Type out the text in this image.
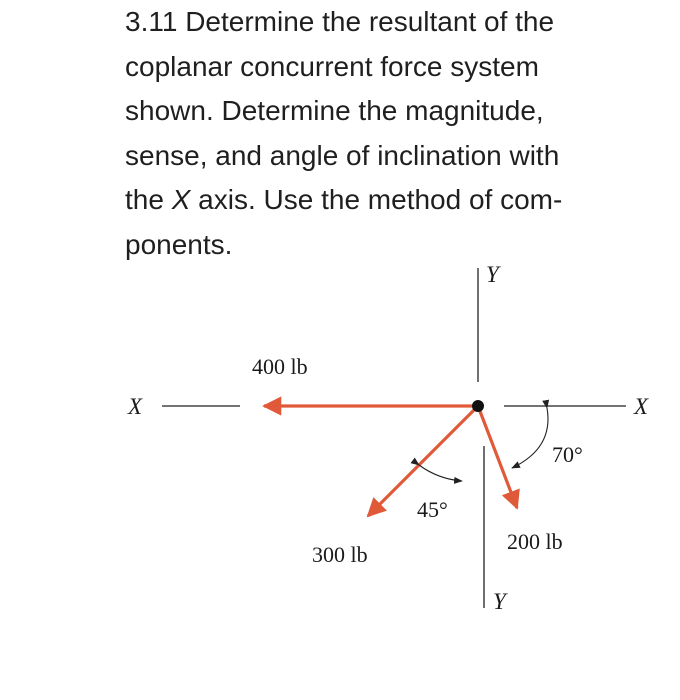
3.11 Determine the resultant of the

coplanar concurrent force system

shown. Determine the magnitude,

sense, and angle of inclination with

the X axis. Use the method of com-

ponents.

X	X
Y
Y
400 lb
300 lb
200 lb
45°
70°
